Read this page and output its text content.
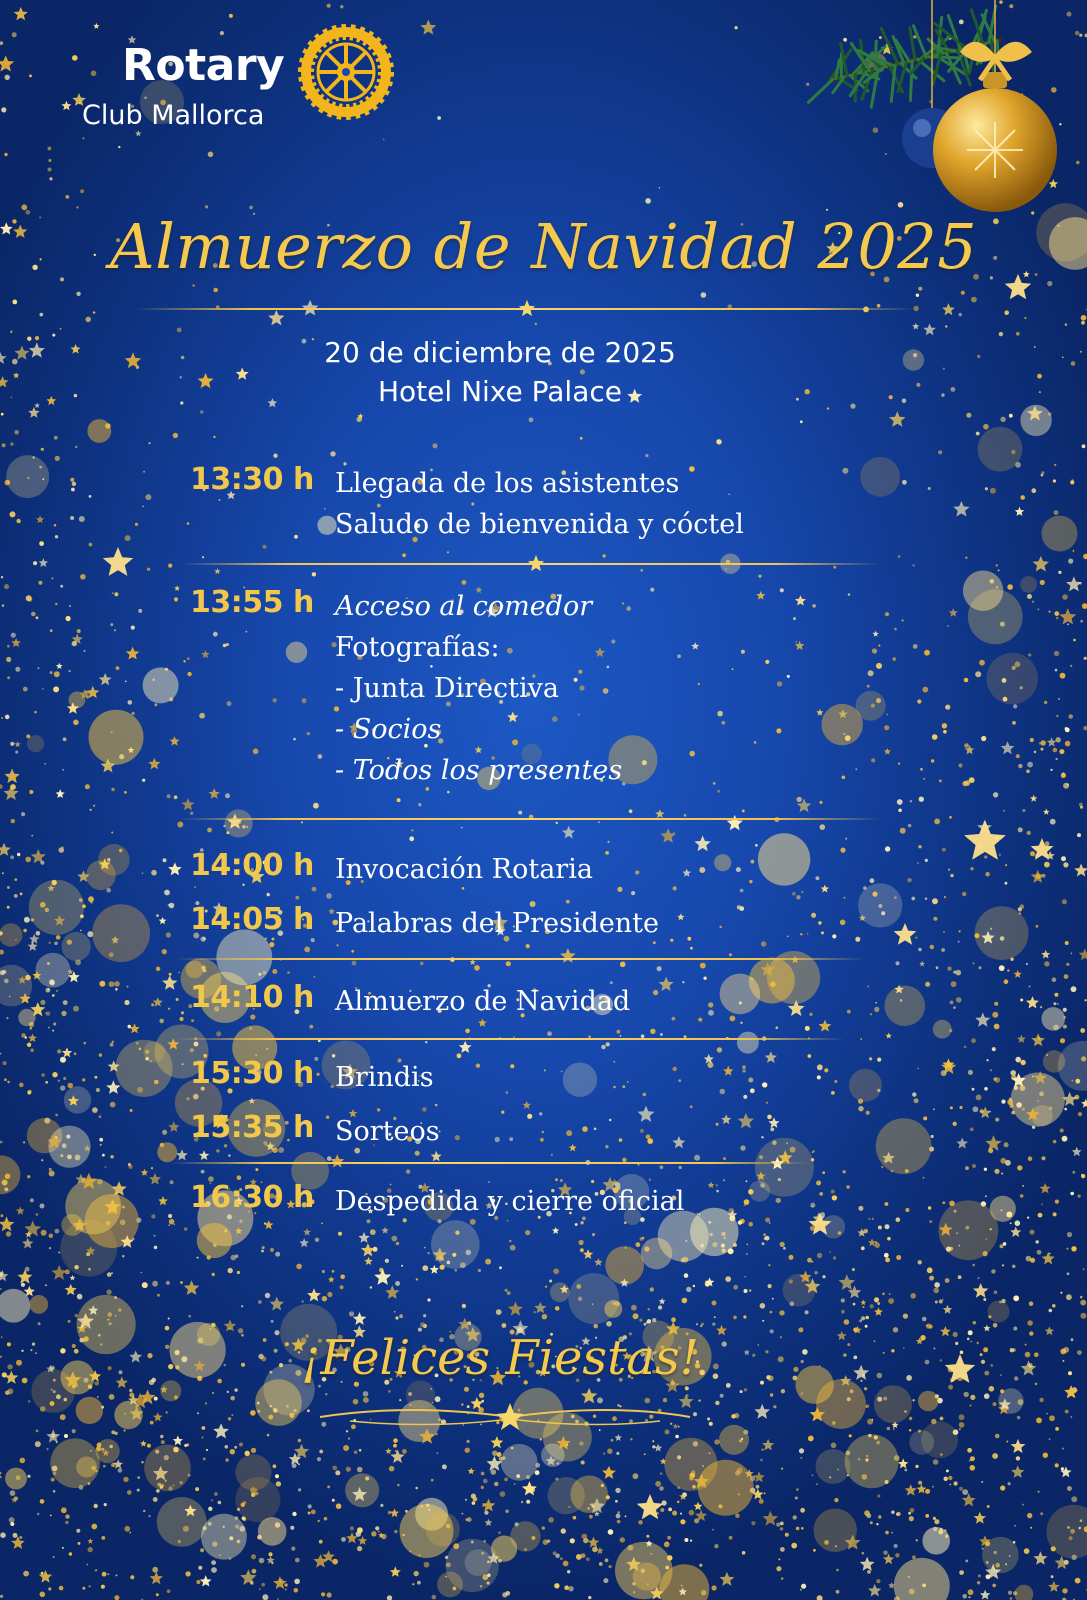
Rotary
Club Mallorca
Almuerzo de Navidad 2025
20 de diciembre de 2025
Hotel Nixe Palace
13:30 h Llegada de los asistentes
Saludo de bienvenida y cóctel
13:55 h Acceso al comedor
Fotografías:
- Junta Directiva
- Socios
- Todos los presentes
14:00 h Invocación Rotaria
14:05 h Palabras del Presidente
14:10 h Almuerzo de Navidad
15:30 h Brindis
15:35 h Sorteos
16:30 h Despedida y cierre oficial
¡Felices Fiestas!
